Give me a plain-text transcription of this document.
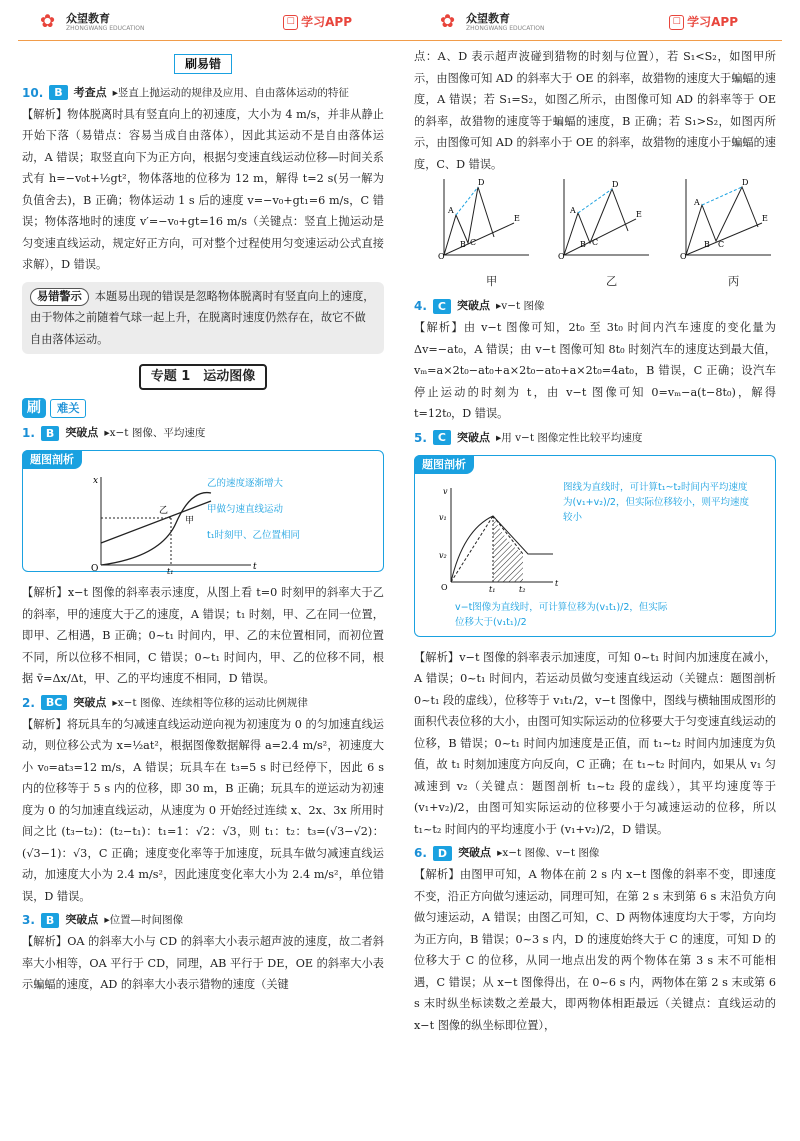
✿ 众望教育
ZHONGWANG EDUCATION
☐ 学习APP	✿ 众望教育
ZHONGWANG EDUCATION
☐ 学习APP
刷易错
10.	B	考查点 ▸竖直上抛运动的规律及应用、自由落体运动的特征

【解析】物体脱离时具有竖直向上的初速度，大小为 4 m/s，并非从静止开始下落（易错点：容易当成自由落体），因此其运动不是自由落体运动，A 错误；取竖直向下为正方向，根据匀变速直线运动位移—时间关系式有 h=−v₀t+½gt²，物体落地的位移为 12 m，解得 t=2 s(另一解为负值舍去)，B 正确；物体运动 1 s 后的速度 v=−v₀+gt₁=6 m/s，C 错误；物体落地时的速度 v′=−v₀+gt=16 m/s（关键点：竖直上抛运动是匀变速直线运动，规定好正方向，可对整个过程使用匀变速运动公式直接求解），D 错误。

易错警示 本题易出现的错误是忽略物体脱离时有竖直向上的速度，由于物体之前随着气球一起上升，在脱离时速度仍然存在，故它不做自由落体运动。
专题 1　运动图像
刷	难关
1.	B	突破点 ▸x−t 图像、平均速度
题图剖析
x
t
O	t₁
乙
甲
乙的速度逐渐增大
甲做匀速直线运动
t₁时刻甲、乙位置相同

【解析】x−t 图像的斜率表示速度，从图上看 t=0 时刻甲的斜率大于乙的斜率，甲的速度大于乙的速度，A 错误；t₁ 时刻，甲、乙在同一位置，即甲、乙相遇，B 正确；0~t₁ 时间内，甲、乙的末位置相同，而初位置不同，所以位移不相同，C 错误；0~t₁ 时间内，甲、乙的位移不同，根据 v̄=Δx/Δt，甲、乙的平均速度不相同，D 错误。

2.	BC	突破点 ▸x−t 图像、连续相等位移的运动比例规律

【解析】将玩具车的匀减速直线运动逆向视为初速度为 0 的匀加速直线运动，则位移公式为 x=½at²，根据图像数据解得 a=2.4 m/s²，初速度大小 v₀=at₃=12 m/s，A 错误；玩具车在 t₃=5 s 时已经停下，因此 6 s 内的位移等于 5 s 内的位移，即 30 m，B 正确；玩具车的逆运动为初速度为 0 的匀加速直线运动，从速度为 0 开始经过连续 x、2x、3x 所用时间之比 (t₃−t₂)：(t₂−t₁)：t₁=1：√2：√3，则 t₁：t₂：t₃=(√3−√2)：(√3−1)：√3，C 正确；速度变化率等于加速度，玩具车做匀减速直线运动，加速度大小为 2.4 m/s²，因此速度变化率大小为 2.4 m/s²，单位错误，D 错误。

3.	B	突破点 ▸位置—时间图像

【解析】OA 的斜率大小与 CD 的斜率大小表示超声波的速度，故二者斜率大小相等，OA 平行于 CD，同理，AB 平行于 DE，OE 的斜率大小表示蝙蝠的速度，AD 的斜率大小表示猎物的速度（关键

点：A、D 表示超声波碰到猎物的时刻与位置），若 S₁<S₂，如图甲所示，由图像可知 AD 的斜率大于 OE 的斜率，故猎物的速度大于蝙蝠的速度，A 错误；若 S₁=S₂，如图乙所示，由图像可知 AD 的斜率等于 OE 的斜率，故猎物的速度等于蝙蝠的速度，B 正确；若 S₁>S₂，如图丙所示，由图像可知 AD 的斜率小于 OE 的斜率，故猎物的速度小于蝙蝠的速度，C、D 错误。

O
A
B C
D
E
O
A
B C
D
E
O
A
B C
D
E
甲	乙	丙
4.	C	突破点 ▸v−t 图像

【解析】由 v−t 图像可知，2t₀ 至 3t₀ 时间内汽车速度的变化量为 Δv=−at₀，A 错误；由 v−t 图像可知 8t₀ 时刻汽车的速度达到最大值，vₘ=a×2t₀−at₀+a×2t₀−at₀+a×2t₀=4at₀，B 错误，C 正确；设汽车停止运动的时刻为 t，由 v−t 图像可知 0=vₘ−a(t−8t₀)，解得 t=12t₀，D 错误。

5.	C	突破点 ▸用 v−t 图像定性比较平均速度
题图剖析
v₁
v₂
O	t₁	t₂
t
v	图线为直线时，可计算t₁~t₂时间内平均速度为(v₁+v₂)/2，但实际位移较小，则平均速度较小
v−t图像为直线时，可计算位移为(v₁t₁)/2，但实际位移大于(v₁t₁)/2

【解析】v−t 图像的斜率表示加速度，可知 0~t₁ 时间内加速度在减小，A 错误；0~t₁ 时间内，若运动员做匀变速直线运动（关键点：题图剖析 0~t₁ 段的虚线），位移等于 v₁t₁/2，v−t 图像中，图线与横轴围成图形的面积代表位移的大小，由图可知实际运动的位移要大于匀变速直线运动的位移，B 错误；0~t₁ 时间内加速度是正值，而 t₁~t₂ 时间内加速度为负值，故 t₁ 时刻加速度方向反向，C 正确；在 t₁~t₂ 时间内，如果从 v₁ 匀减速到 v₂（关键点：题图剖析 t₁~t₂ 段的虚线），其平均速度等于 (v₁+v₂)/2，由图可知实际运动的位移要小于匀减速运动的位移，所以 t₁~t₂ 时间内的平均速度小于 (v₁+v₂)/2，D 错误。

6.	D	突破点 ▸x−t 图像、v−t 图像

【解析】由图甲可知，A 物体在前 2 s 内 x−t 图像的斜率不变，即速度不变，沿正方向做匀速运动，同理可知，在第 2 s 末到第 6 s 末沿负方向做匀速运动，A 错误；由图乙可知，C、D 两物体速度均大于零，方向均为正方向，B 错误；0~3 s 内，D 的速度始终大于 C 的速度，可知 D 的位移大于 C 的位移，从同一地点出发的两个物体在第 3 s 末不可能相遇，C 错误；从 x−t 图像得出，在 0~6 s 内，两物体在第 2 s 末或第 6 s 末时纵坐标读数之差最大，即两物体相距最远（关键点：直线运动的 x−t 图像的纵坐标即位置），
